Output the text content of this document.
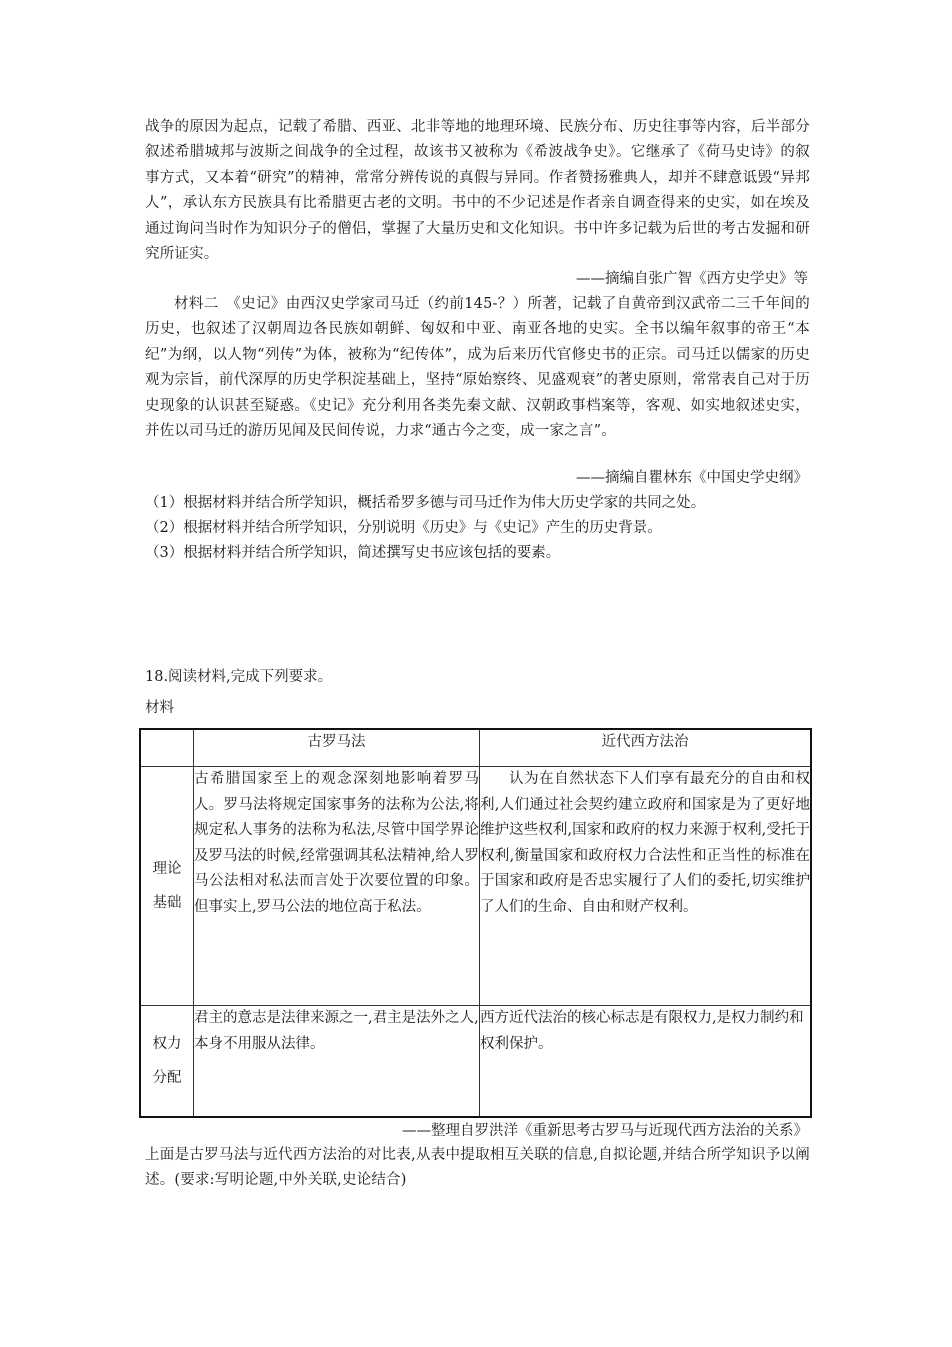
战争的原因为起点，记载了希腊、西亚、北非等地的地理环境、民族分布、历史往事等内容，后半部分叙述希腊城邦与波斯之间战争的全过程，故该书又被称为《希波战争史》。它继承了《荷马史诗》的叙事方式，又本着“研究”的精神，常常分辨传说的真假与异同。作者赞扬雅典人，却并不肆意诋毁“异邦人”，承认东方民族具有比希腊更古老的文明。书中的不少记述是作者亲自调查得来的史实，如在埃及通过询问当时作为知识分子的僧侣，掌握了大量历史和文化知识。书中许多记载为后世的考古发掘和研究所证实。
——摘编自张广智《西方史学史》等
材料二　《史记》由西汉史学家司马迁（约前145-？）所著，记载了自黄帝到汉武帝二三千年间的历史，也叙述了汉朝周边各民族如朝鲜、匈奴和中亚、南亚各地的史实。全书以编年叙事的帝王“本纪”为纲，以人物“列传”为体，被称为“纪传体”，成为后来历代官修史书的正宗。司马迁以儒家的历史观为宗旨，前代深厚的历史学积淀基础上，坚持“原始察终、见盛观衰”的著史原则，常常表自己对于历史现象的认识甚至疑惑。《史记》充分利用各类先秦文献、汉朝政事档案等，客观、如实地叙述史实，并佐以司马迁的游历见闻及民间传说，力求“通古今之变，成一家之言”。
——摘编自瞿林东《中国史学史纲》
（1）根据材料并结合所学知识，概括希罗多德与司马迁作为伟大历史学家的共同之处。
（2）根据材料并结合所学知识，分别说明《历史》与《史记》产生的历史背景。
（3）根据材料并结合所学知识，简述撰写史书应该包括的要素。
18.阅读材料,完成下列要求。
材料
	古罗马法	近代西方法治
理论
基础	古希腊国家至上的观念深刻地影响着罗马人。罗马法将规定国家事务的法称为公法,将规定私人事务的法称为私法,尽管中国学界论及罗马法的时候,经常强调其私法精神,给人罗马公法相对私法而言处于次要位置的印象。但事实上,罗马公法的地位高于私法。	认为在自然状态下人们享有最充分的自由和权利,人们通过社会契约建立政府和国家是为了更好地维护这些权利,国家和政府的权力来源于权利,受托于权利,衡量国家和政府权力合法性和正当性的标准在于国家和政府是否忠实履行了人们的委托,切实维护了人们的生命、自由和财产权利。
权力
分配	君主的意志是法律来源之一,君主是法外之人,本身不用服从法律。	西方近代法治的核心标志是有限权力,是权力制约和权利保护。
——整理自罗洪洋《重新思考古罗马与近现代西方法治的关系》
上面是古罗马法与近代西方法治的对比表,从表中提取相互关联的信息,自拟论题,并结合所学知识予以阐述。(要求:写明论题,中外关联,史论结合)
